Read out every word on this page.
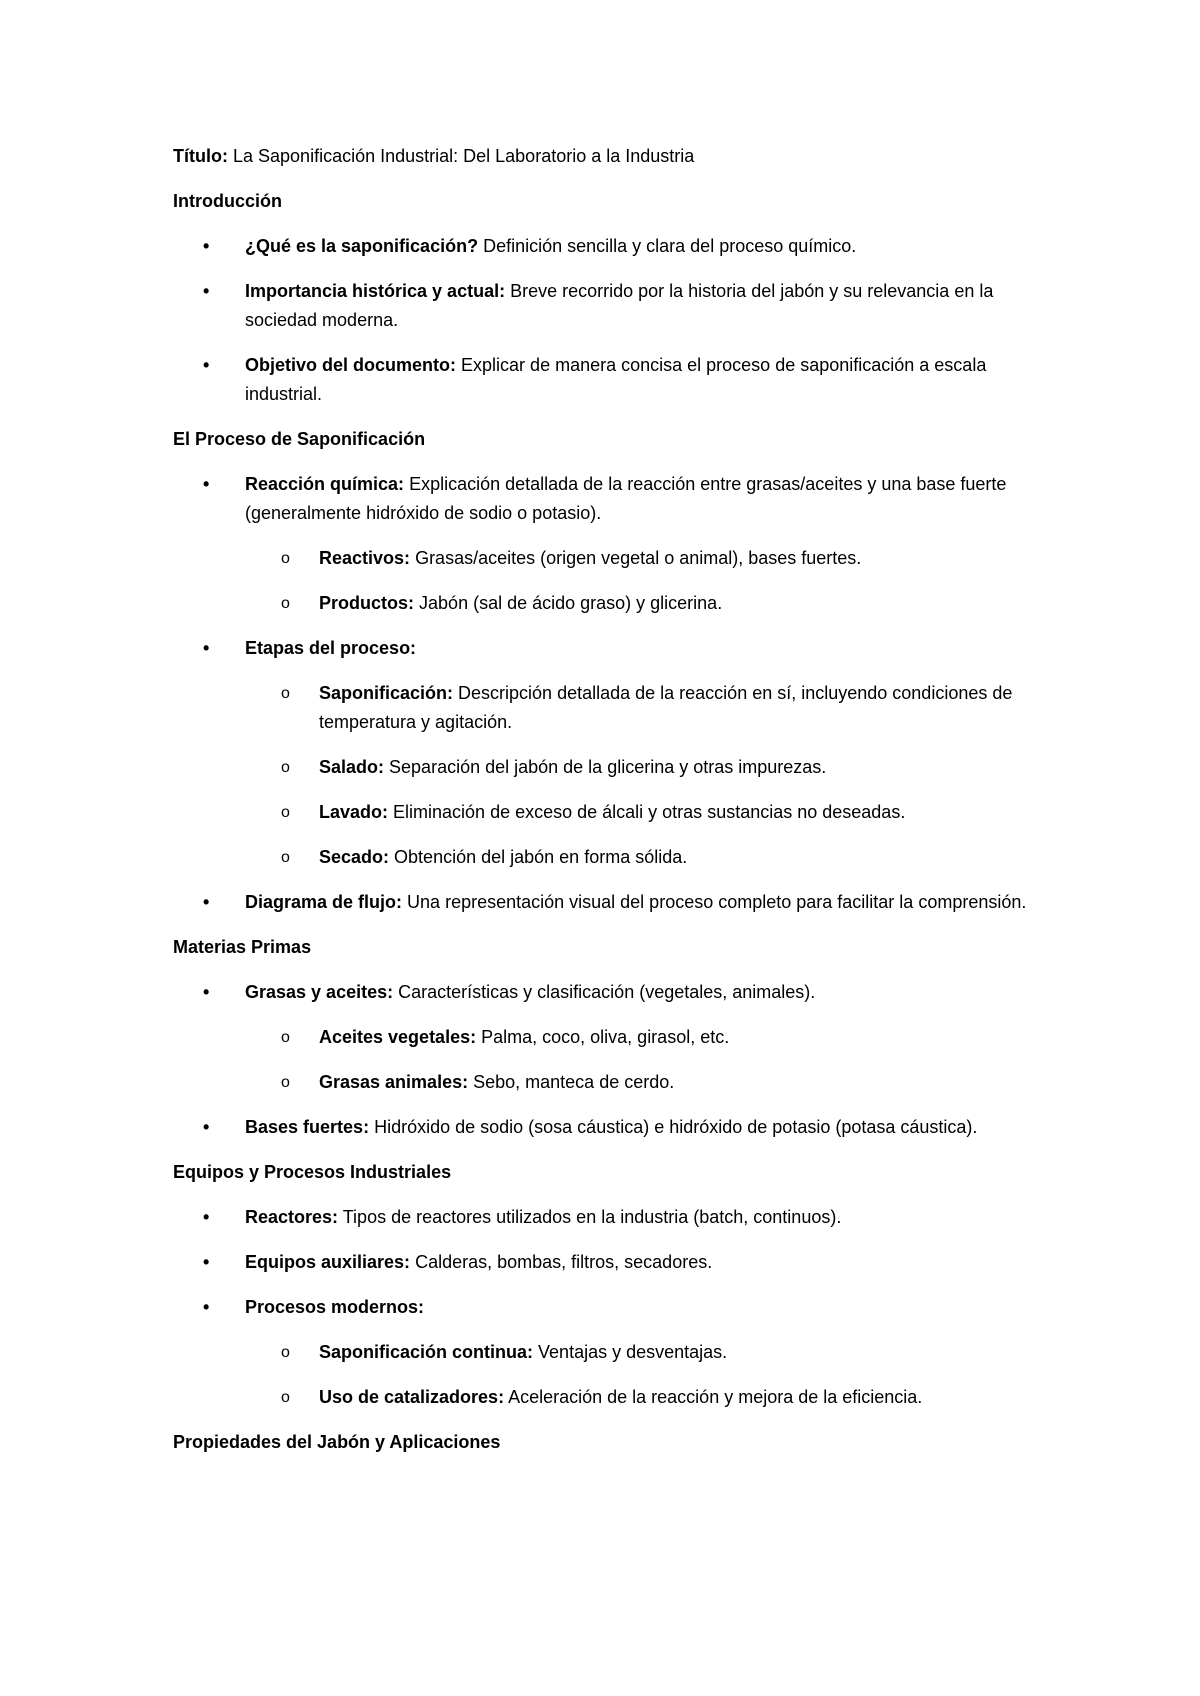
Título: La Saponificación Industrial: Del Laboratorio a la Industria
Introducción
• ¿Qué es la saponificación? Definición sencilla y clara del proceso químico.
• Importancia histórica y actual: Breve recorrido por la historia del jabón y su relevancia en la sociedad moderna.
• Objetivo del documento: Explicar de manera concisa el proceso de saponificación a escala industrial.
El Proceso de Saponificación
• Reacción química: Explicación detallada de la reacción entre grasas/aceites y una base fuerte (generalmente hidróxido de sodio o potasio).
o Reactivos: Grasas/aceites (origen vegetal o animal), bases fuertes.
o Productos: Jabón (sal de ácido graso) y glicerina.
• Etapas del proceso:
o Saponificación: Descripción detallada de la reacción en sí, incluyendo condiciones de temperatura y agitación.
o Salado: Separación del jabón de la glicerina y otras impurezas.
o Lavado: Eliminación de exceso de álcali y otras sustancias no deseadas.
o Secado: Obtención del jabón en forma sólida.
• Diagrama de flujo: Una representación visual del proceso completo para facilitar la comprensión.
Materias Primas
• Grasas y aceites: Características y clasificación (vegetales, animales).
o Aceites vegetales: Palma, coco, oliva, girasol, etc.
o Grasas animales: Sebo, manteca de cerdo.
• Bases fuertes: Hidróxido de sodio (sosa cáustica) e hidróxido de potasio (potasa cáustica).
Equipos y Procesos Industriales
• Reactores: Tipos de reactores utilizados en la industria (batch, continuos).
• Equipos auxiliares: Calderas, bombas, filtros, secadores.
• Procesos modernos:
o Saponificación continua: Ventajas y desventajas.
o Uso de catalizadores: Aceleración de la reacción y mejora de la eficiencia.
Propiedades del Jabón y Aplicaciones
